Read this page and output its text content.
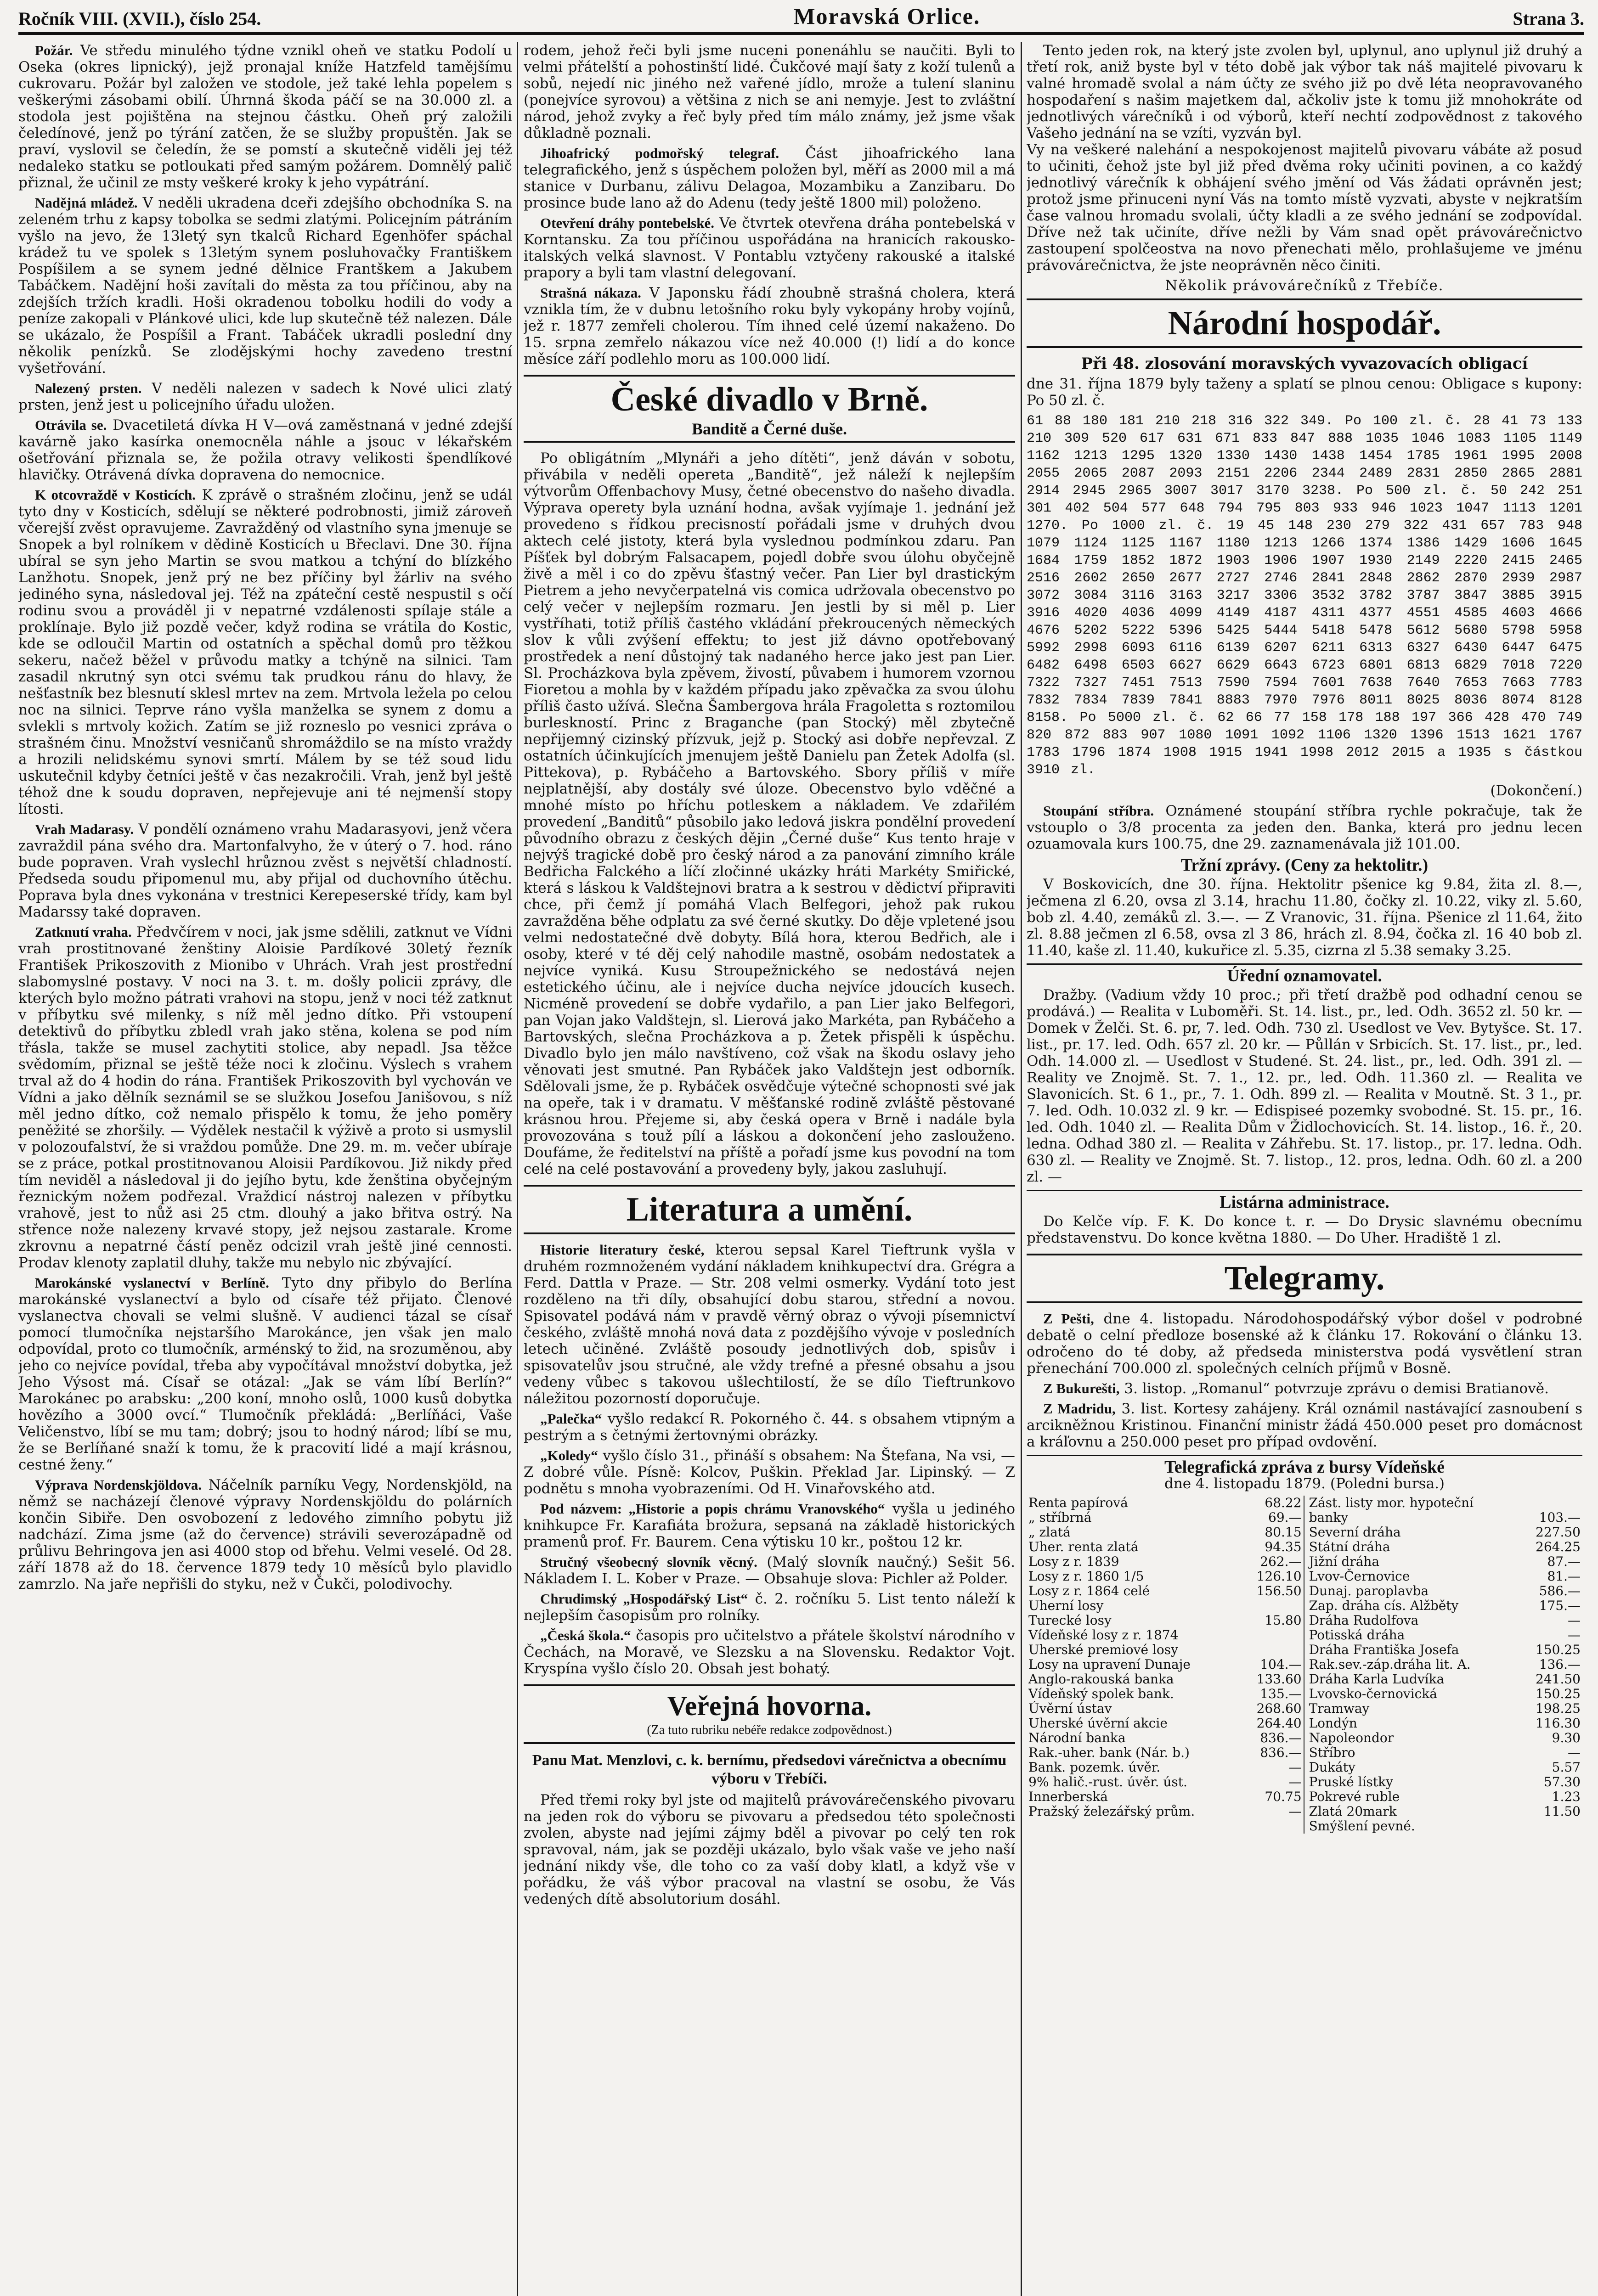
Ročník VIII. (XVII.), číslo 254.	Moravská Orlice.	Strana 3.

Požár. Ve středu minulého týdne vznikl oheň ve statku Podolí u Oseka (okres lipnický), jejž pronajal kníže Hatzfeld tamějšímu cukrovaru. Požár byl založen ve stodole, jež také lehla popelem s veškerými zásobami obilí. Úhrnná škoda páčí se na 30.000 zl. a stodola jest pojištěna na stejnou částku. Oheň prý založili čeledínové, jenž po týrání zatčen, že se služby propuštěn. Jak se praví, vyslovil se čeledín, že se pomstí a skutečně viděli jej též nedaleko statku se potloukati před samým požárem. Domnělý palič přiznal, že učinil ze msty veškeré kroky k jeho vypátrání.

Nadějná mládež. V neděli ukradena dceři zdejšího obchodníka S. na zeleném trhu z kapsy tobolka se sedmi zlatými. Policejním pátráním vyšlo na jevo, že 13letý syn tkalců Richard Egenhöfer spáchal krádež tu ve spolek s 13letým synem posluhovačky Františkem Pospíšilem a se synem jedné dělnice Frantškem a Jakubem Tabáčkem. Nadějní hoši zavítali do města za tou příčinou, aby na zdejších tržích kradli. Hoši okradenou tobolku hodili do vody a peníze zakopali v Plánkové ulici, kde lup skutečně též nalezen. Dále se ukázalo, že Pospíšil a Frant. Tabáček ukradli poslední dny několik penízků. Se zlodějskými hochy zavedeno trestní vyšetřování.

Nalezený prsten. V neděli nalezen v sadech k Nové ulici zlatý prsten, jenž jest u policejního úřadu uložen.

Otrávila se. Dvacetiletá dívka H V—ová zaměstnaná v jedné zdejší kavárně jako kasírka onemocněla náhle a jsouc v lékařském ošetřování přiznala se, že požila otravy velikosti špendlíkové hlavičky. Otrávená dívka dopravena do nemocnice.

K otcovraždě v Kosticích. K zprávě o strašném zločinu, jenž se udál tyto dny v Kosticích, sdělují se některé podrobnosti, jimiž zároveň včerejší zvěst opravujeme. Zavražděný od vlastního syna jmenuje se Snopek a byl rolníkem v dědině Kosticích u Břeclavi. Dne 30. října ubíral se syn jeho Martin se svou matkou a tchýní do blízkého Lanžhotu. Snopek, jenž prý ne bez příčiny byl žárliv na svého jediného syna, následoval jej. Též na zpáteční cestě nespustil s očí rodinu svou a prováděl ji v nepatrné vzdálenosti spílaje stále a proklínaje. Bylo již pozdě večer, když rodina se vrátila do Kostic, kde se odloučil Martin od ostatních a spěchal domů pro těžkou sekeru, načež běžel v průvodu matky a tchýně na silnici. Tam zasadil nkrutný syn otci svému tak prudkou ránu do hlavy, že nešťastník bez blesnutí sklesl mrtev na zem. Mrtvola ležela po celou noc na silnici. Teprve ráno vyšla manželka se synem z domu a svlekli s mrtvoly kožich. Zatím se již rozneslo po vesnici zpráva o strašném činu. Množství vesničanů shromáždilo se na místo vraždy a hrozili nelidskému synovi smrtí. Málem by se též soud lidu uskutečnil kdyby četníci ještě v čas nezakročili. Vrah, jenž byl ještě téhož dne k soudu dopraven, nepřejevuje ani té nejmenší stopy lítosti.

Vrah Madarasy. V pondělí oznámeno vrahu Madarasyovi, jenž včera zavraždil pána svého dra. Martonfalvyho, že v úterý o 7. hod. ráno bude popraven. Vrah vyslechl hrůznou zvěst s největší chladností. Předseda soudu připomenul mu, aby přijal od duchovního útěchu. Poprava byla dnes vykonána v trestnici Kerepeserské třídy, kam byl Madarssy také dopraven.

Zatknutí vraha. Předvčírem v noci, jak jsme sdělili, zatknut ve Vídni vrah prostitnované ženštiny Aloisie Pardíkové 30letý řezník František Prikoszovith z Mionibo v Uhrách. Vrah jest prostřední slabomyslné postavy. V noci na 3. t. m. došly policii zprávy, dle kterých bylo možno pátrati vrahovi na stopu, jenž v noci též zatknut v příbytku své milenky, s níž měl jedno dítko. Při vstoupení detektivů do příbytku zbledl vrah jako stěna, kolena se pod ním třásla, takže se musel zachytiti stolice, aby nepadl. Jsa těžce svědomím, přiznal se ještě téže noci k zločinu. Výslech s vrahem trval až do 4 hodin do rána. František Prikoszovith byl vychován ve Vídni a jako dělník seznámil se se služkou Josefou Janišovou, s níž měl jedno dítko, což nemalo přispělo k tomu, že jeho poměry peněžité se zhoršily. — Výdělek nestačil k výživě a proto si usmyslil v polozoufalství, že si vraždou pomůže. Dne 29. m. m. večer ubíraje se z práce, potkal prostitnovanou Aloisii Pardíkovou. Již nikdy před tím neviděl a následoval ji do jejího bytu, kde ženština obyčejným řeznickým nožem podřezal. Vraždicí nástroj nalezen v příbytku vrahově, jest to nůž asi 25 ctm. dlouhý a jako břitva ostrý. Na střence nože nalezeny krvavé stopy, jež nejsou zastarale. Krome zkrovnu a nepatrné částí peněz odcizil vrah ještě jiné cennosti. Prodav klenoty zaplatil dluhy, takže mu nebylo nic zbývající.

Marokánské vyslanectví v Berlíně. Tyto dny přibylo do Berlína marokánské vyslanectví a bylo od císaře též přijato. Členové vyslanectva chovali se velmi slušně. V audienci tázal se císař pomocí tlumočníka nejstaršího Marokánce, jen však jen malo odpovídal, proto co tlumočník, arménský to žid, na srozuměnou, aby jeho co nejvíce povídal, třeba aby vypočítával množství dobytka, jež Jeho Výsost má. Císař se otázal: „Jak se vám líbí Berlín?“ Marokánec po arabsku: „200 koní, mnoho oslů, 1000 kusů dobytka hovězího a 3000 ovcí.“ Tlumočník překládá: „Berlíňáci, Vaše Veličenstvo, líbí se mu tam; dobrý; jsou to hodný národ; líbí se mu, že se Berlíňané snaží k tomu, že k pracovití lidé a mají krásnou, cestné ženy.“

Výprava Nordenskjöldova. Náčelník parníku Vegy, Nordenskjöld, na němž se nacházejí členové výpravy Nordenskjöldu do polárních končin Sibiře. Den osvobození z ledového zimního pobytu již nadchází. Zima jsme (až do července) strávili severozápadně od průlivu Behringova jen asi 4000 stop od břehu. Velmi veselé. Od 28. září 1878 až do 18. července 1879 tedy 10 měsíců bylo plavidlo zamrzlo. Na jaře nepřišli do styku, než v Čukči, polodivochy.

rodem, jehož řeči byli jsme nuceni ponenáhlu se naučiti. Byli to velmi přátelští a pohostinští lidé. Čukčové mají šaty z koží tulenů a sobů, nejedí nic jiného než vařené jídlo, mrože a tulení slaninu (ponejvíce syrovou) a většina z nich se ani nemyje. Jest to zvláštní národ, jehož zvyky a řeč byly před tím málo známy, jež jsme však důkladně poznali.

Jihoafrický podmořský telegraf. Část jihoafrického lana telegrafického, jenž s úspěchem položen byl, měří as 2000 mil a má stanice v Durbanu, zálivu Delagoa, Mozambiku a Zanzibaru. Do prosince bude lano až do Adenu (tedy ještě 1800 mil) položeno.

Otevření dráhy pontebelské. Ve čtvrtek otevřena dráha pontebelská v Korntansku. Za tou příčinou uspořádána na hranicích rakousko-italských velká slavnost. V Pontablu vztyčeny rakouské a italské prapory a byli tam vlastní delegovaní.

Strašná nákaza. V Japonsku řádí zhoubně strašná cholera, která vznikla tím, že v dubnu letošního roku byly vykopány hroby vojínů, jež r. 1877 zemřeli cholerou. Tím ihned celé území nakaženo. Do 15. srpna zemřelo nákazou více než 40.000 (!) lidí a do konce měsíce září podlehlo moru as 100.000 lidí.

České divadlo v Brně.
Banditě a Černé duše.

Po obligátním „Mlynáři a jeho dítěti“, jenž dáván v sobotu, přivábila v neděli opereta „Banditě“, jež náleží k nejlepším výtvorům Offenbachovy Musy, četné obecenstvo do našeho divadla. Výprava operety byla uznání hodna, avšak vyjímaje 1. jednání jež provedeno s řídkou precisností pořádali jsme v druhých dvou aktech celé jistoty, která byla vyslednou podmínkou zdaru. Pan Píšťek byl dobrým Falsacapem, pojedl dobře svou úlohu obyčejně živě a měl i co do zpěvu šťastný večer. Pan Lier byl drastickým Pietrem a jeho nevyčerpatelná vis comica udržovala obecenstvo po celý večer v nejlepším rozmaru. Jen jestli by si měl p. Lier vystříhati, totiž příliš častého vkládání překroucených německých slov k vůli zvýšení effektu; to jest již dávno opotřebovaný prostředek a není důstojný tak nadaného herce jako jest pan Lier. Sl. Procházkova byla zpěvem, živostí, půvabem i humorem vzornou Fioretou a mohla by v každém případu jako zpěvačka za svou úlohu příliš často užívá. Slečna Šambergova hrála Fragoletta s roztomilou burleskností. Princ z Braganche (pan Stocký) měl zbytečně nepřijemný cizinský přízvuk, jejž p. Stocký asi dobře nepřevzal. Z ostatních účinkujících jmenujem ještě Danielu pan Žetek Adolfa (sl. Pittekova), p. Rybáčeho a Bartovského. Sbory příliš v míře nejplatnější, aby dostály své úloze. Obecenstvo bylo vděčné a mnohé místo po hříchu potleskem a nákladem. Ve zdařilém provedení „Banditů“ působilo jako ledová jiskra pondělní provedení původního obrazu z českých dějin „Černé duše“ Kus tento hraje v nejvýš tragické době pro český národ a za panování zimního krále Bedřicha Falckého a líčí zločinné ukázky hráti Markéty Smiřické, která s láskou k Valdštejnovi bratra a k sestrou v dědictví připraviti chce, při čemž jí pomáhá Vlach Belfegori, jehož pak rukou zavražděna běhe odplatu za své černé skutky. Do děje vpletené jsou velmi nedostatečné dvě dobyty. Bílá hora, kterou Bedřich, ale i osoby, které v té děj celý nahodile mastně, osobám nedostatek a nejvíce vyniká. Kusu Stroupežnického se nedostává nejen estetického účinu, ale i nejvíce ducha nejvíce jdoucích kusech. Nicméně provedení se dobře vydařilo, a pan Lier jako Belfegori, pan Vojan jako Valdštejn, sl. Lierová jako Markéta, pan Rybáčeho a Bartovských, slečna Procházkova a p. Žetek přispěli k úspěchu. Divadlo bylo jen málo navštíveno, což však na škodu oslavy jeho věnovati jest smutné. Pan Rybáček jako Valdštejn jest odborník. Sdělovali jsme, že p. Rybáček osvědčuje výtečné schopnosti své jak na opeře, tak i v dramatu. V měšťanské rodině zvláště pěstované krásnou hrou. Přejeme si, aby česká opera v Brně i nadále byla provozována s touž pílí a láskou a dokončení jeho zaslouženo. Doufáme, že ředitelství na příště a pořadí jsme kus povodní na tom celé na celé postavování a provedeny byly, jakou zasluhují.

Literatura a umění.

Historie literatury české, kterou sepsal Karel Tieftrunk vyšla v druhém rozmnoženém vydání nákladem knihkupectví dra. Grégra a Ferd. Dattla v Praze. — Str. 208 velmi osmerky. Vydání toto jest rozděleno na tři díly, obsahující dobu starou, střední a novou. Spisovatel podává nám v pravdě věrný obraz o vývoji písemnictví českého, zvláště mnohá nová data z pozdějšího vývoje v posledních letech učiněné. Zvláště posoudy jednotlivých dob, spisův i spisovatelův jsou stručné, ale vždy trefné a přesné obsahu a jsou vedeny vůbec s takovou ušlechtilostí, že se dílo Tieftrunkovo náležitou pozorností doporučuje.

„Palečka“ vyšlo redakcí R. Pokorného č. 44. s obsahem vtipným a pestrým a s četnými žertovnými obrázky.

„Koledy“ vyšlo číslo 31., přináší s obsahem: Na Štefana, Na vsi, — Z dobré vůle. Písně: Kolcov, Puškin. Překlad Jar. Lipinský. — Z podnětu s mnoha vyobrazeními. Od H. Vinařovského atd.

Pod názvem: „Historie a popis chrámu Vranovského“ vyšla u jediného knihkupce Fr. Karafiáta brožura, sepsaná na základě historických pramenů prof. Fr. Baurem. Cena výtisku 10 kr., poštou 12 kr.

Stručný všeobecný slovník věcný. (Malý slovník naučný.) Sešit 56. Nákladem I. L. Kober v Praze. — Obsahuje slova: Pichler až Polder.

Chrudimský „Hospodářský List“ č. 2. ročníku 5. List tento náleží k nejlepším časopisům pro rolníky.

„Česká škola.“ časopis pro učitelstvo a přátele školství národního v Čechách, na Moravě, ve Slezsku a na Slovensku. Redaktor Vojt. Kryspína vyšlo číslo 20. Obsah jest bohatý.

Veřejná hovorna.
(Za tuto rubriku nebéře redakce zodpovědnost.)

Panu Mat. Menzlovi, c. k. bernímu, předsedovi várečnictva a obecnímu výboru v Třebíči.

Před třemi roky byl jste od majitelů právovárečenského pivovaru na jeden rok do výboru se pivovaru a předsedou této společnosti zvolen, abyste nad jejími zájmy bděl a pivovar po celý ten rok spravoval, nám, jak se později ukázalo, bylo však vaše ve jeho naší jednání nikdy vše, dle toho co za vaší doby klatl, a když vše v pořádku, že váš výbor pracoval na vlastní se osobu, že Vás vedených dítě absolutorium dosáhl.

Tento jeden rok, na který jste zvolen byl, uplynul, ano uplynul již druhý a třetí rok, aniž byste byl v této době jak výbor tak náš majitelé pivovaru k valné hromadě svolal a nám účty ze svého již po dvě léta neopravovaného hospodaření s našim majetkem dal, ačkoliv jste k tomu již mnohokráte od jednotlivých várečníků i od výborů, kteří nechtí zodpovědnost z takového Vašeho jednání na se vzíti, vyzván byl.
Vy na veškeré nalehání a nespokojenost majitelů pivovaru vábáte až posud to učiniti, čehož jste byl již před dvěma roky učiniti povinen, a co každý jednotlivý várečník k obhájení svého jmění od Vás žádati oprávněn jest; protož jsme přinuceni nyní Vás na tomto místě vyzvati, abyste v nejkratším čase valnou hromadu svolali, účty kladli a ze svého jednání se zodpovídal. Dříve než tak učiníte, dříve nežli by Vám snad opět právovárečnictvo zastoupení spolčeostva na novo přenechati mělo, prohlašujeme ve jménu právovárečnictva, že jste neoprávněn něco činiti.

Několik právovárečníků z Třebíče.

Národní hospodář.

Při 48. zlosování moravských vyvazovacích obligací

dne 31. října 1879 byly taženy a splatí se plnou cenou: Obligace s kupony: Po 50 zl. č.

61 88 180 181 210 218 316 322 349. Po 100 zl. č. 28 41 73 133 210 309 520 617 631 671 833 847 888 1035 1046 1083 1105 1149 1162 1213 1295 1320 1330 1430 1438 1454 1785 1961 1995 2008 2055 2065 2087 2093 2151 2206 2344 2489 2831 2850 2865 2881 2914 2945 2965 3007 3017 3170 3238. Po 500 zl. č. 50 242 251 301 402 504 577 648 794 795 803 933 946 1023 1047 1113 1201 1270. Po 1000 zl. č. 19 45 148 230 279 322 431 657 783 948 1079 1124 1125 1167 1180 1213 1266 1374 1386 1429 1606 1645 1684 1759 1852 1872 1903 1906 1907 1930 2149 2220 2415 2465 2516 2602 2650 2677 2727 2746 2841 2848 2862 2870 2939 2987 3072 3084 3116 3163 3217 3306 3532 3782 3787 3847 3885 3915 3916 4020 4036 4099 4149 4187 4311 4377 4551 4585 4603 4666 4676 5202 5222 5396 5425 5444 5418 5478 5612 5680 5798 5958 5992 2998 6093 6116 6139 6207 6211 6313 6327 6430 6447 6475 6482 6498 6503 6627 6629 6643 6723 6801 6813 6829 7018 7220 7322 7327 7451 7513 7590 7594 7601 7638 7640 7653 7663 7783 7832 7834 7839 7841 8883 7970 7976 8011 8025 8036 8074 8128 8158. Po 5000 zl. č. 62 66 77 158 178 188 197 366 428 470 749 820 872 883 907 1080 1091 1092 1106 1320 1396 1513 1621 1767 1783 1796 1874 1908 1915 1941 1998 2012 2015 a 1935 s částkou 3910 zl.

(Dokončení.)

Stoupání stříbra. Oznámené stoupání stříbra rychle pokračuje, tak že vstouplo o 3/8 procenta za jeden den. Banka, která pro jednu lecen ozuamovala kurs 100.75, dne 29. zaznamenávala již 101.00.

Tržní zprávy. (Ceny za hektolitr.)

V Boskovicích, dne 30. října. Hektolitr pšenice kg 9.84, žita zl. 8.—, ječmena zl 6.20, ovsa zl 3.14, hrachu 11.80, čočky zl. 10.22, viky zl. 5.60, bob zl. 4.40, zemáků zl. 3.—. — Z Vranovic, 31. října. Pšenice zl 11.64, žito zl. 8.88 ječmen zl 6.58, ovsa zl 3 86, hrách zl. 8.94, čočka zl. 16 40 bob zl. 11.40, kaše zl. 11.40, kukuřice zl. 5.35, cizrna zl 5.38 semaky 3.25.

Úřední oznamovatel.

Dražby. (Vadium vždy 10 proc.; při třetí dražbě pod odhadní cenou se prodává.) — Realita v Luboměři. St. 14. list., pr., led. Odh. 3652 zl. 50 kr. — Domek v Želči. St. 6. pr, 7. led. Odh. 730 zl. Usedlost ve Vev. Bytyšce. St. 17. list., pr. 17. led. Odh. 657 zl. 20 kr. — Půllán v Srbicích. St. 17. list., pr., led. Odh. 14.000 zl. — Usedlost v Studené. St. 24. list., pr., led. Odh. 391 zl. — Reality ve Znojmě. St. 7. 1., 12. pr., led. Odh. 11.360 zl. — Realita ve Slavonicích. St. 6 1., pr., 7. 1. Odh. 899 zl. — Realita v Moutně. St. 3 1., pr. 7. led. Odh. 10.032 zl. 9 kr. — Edispiseé pozemky svobodné. St. 15. pr., 16. led. Odh. 1040 zl. — Realita Dům v Židlochovicích. St. 14. listop., 16. ř., 20. ledna. Odhad 380 zl. — Realita v Záhřebu. St. 17. listop., pr. 17. ledna. Odh. 630 zl. — Reality ve Znojmě. St. 7. listop., 12. pros, ledna. Odh. 60 zl. a 200 zl. —

Listárna administrace.

Do Kelče víp. F. K. Do konce t. r. — Do Drysic slavnému obecnímu představenstvu. Do konce května 1880. — Do Uher. Hradiště 1 zl.

Telegramy.

Z Pešti, dne 4. listopadu. Národohospodářský výbor došel v podrobné debatě o celní předloze bosenské až k článku 17. Rokování o článku 13. odročeno do té doby, až předseda ministerstva podá vysvětlení stran přenechání 700.000 zl. společných celních příjmů v Bosně.

Z Bukurešti, 3. listop. „Romanul“ potvrzuje zprávu o demisi Bratianově.

Z Madridu, 3. list. Kortesy zahájeny. Král oznámil nastávající zasnoubení s arcikněžnou Kristinou. Finanční ministr žádá 450.000 peset pro domácnost a kráľovnu a 250.000 peset pro případ ovdovění.

Telegrafická zpráva z bursy Vídeňské

dne 4. listopadu 1879. (Poledni bursa.)

Renta papírová	68.22	Zást. listy mor. hypoteční	
„ stříbrná	69.—	banky	103.—
„ zlatá	80.15	Severní dráha	227.50
Uher. renta zlatá	94.35	Státní dráha	264.25
Losy z r. 1839	262.—	Jižní dráha	87.—
Losy z r. 1860 1/5	126.10	Lvov-Černovice	81.—
Losy z r. 1864 celé	156.50	Dunaj. paroplavba	586.—
Uherní losy		Zap. dráha cís. Alžběty	175.—
Turecké losy	15.80	Dráha Rudolfova	—
Vídeňské losy z r. 1874		Potisská dráha	—
Uherské premiové losy		Dráha Františka Josefa	150.25
Losy na upravení Dunaje	104.—	Rak.sev.-záp.dráha lit. A.	136.—
Anglo-rakouská banka	133.60	Dráha Karla Ludvíka	241.50
Vídeňský spolek bank.	135.—	Lvovsko-černovická	150.25
Úvěrní ústav	268.60	Tramway	198.25
Uherské úvěrní akcie	264.40	Londýn	116.30
Národní banka	836.—	Napoleondor	9.30
Rak.-uher. bank (Nár. b.)	836.—	Stříbro	—
Bank. pozemk. úvěr.	—	Dukáty	5.57
9% halič.-rust. úvěr. úst.	—	Pruské lístky	57.30
Innerberská	70.75	Pokrevé ruble	1.23
Pražský železářský prům.	—	Zlatá 20mark	11.50
		Smýšlení pevné.	
